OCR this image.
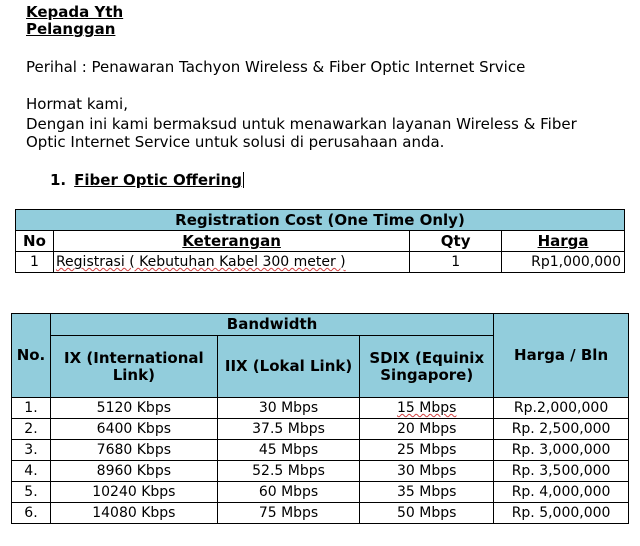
Kepada Yth
Pelanggan
Perihal : Penawaran Tachyon Wireless & Fiber Optic Internet Srvice
Hormat kami,
Dengan ini kami bermaksud untuk menawarkan layanan Wireless & Fiber
Optic Internet Service untuk solusi di perusahaan anda.
1. Fiber Optic Offering
Registration Cost (One Time Only)			
No	Keterangan	Qty	Harga
1	Registrasi ( Kebutuhan Kabel 300 meter )	1	Rp1,000,000
No.	Bandwidth			Harga / Bln
	IX (International Link)	IIX (Lokal Link)	SDIX (Equinix Singapore)	
1.	5120 Kbps	30 Mbps	15 Mbps	Rp.2,000,000
2.	6400 Kbps	37.5 Mbps	20 Mbps	Rp. 2,500,000
3.	7680 Kbps	45 Mbps	25 Mbps	Rp. 3,000,000
4.	8960 Kbps	52.5 Mbps	30 Mbps	Rp. 3,500,000
5.	10240 Kbps	60 Mbps	35 Mbps	Rp. 4,000,000
6.	14080 Kbps	75 Mbps	50 Mbps	Rp. 5,000,000
